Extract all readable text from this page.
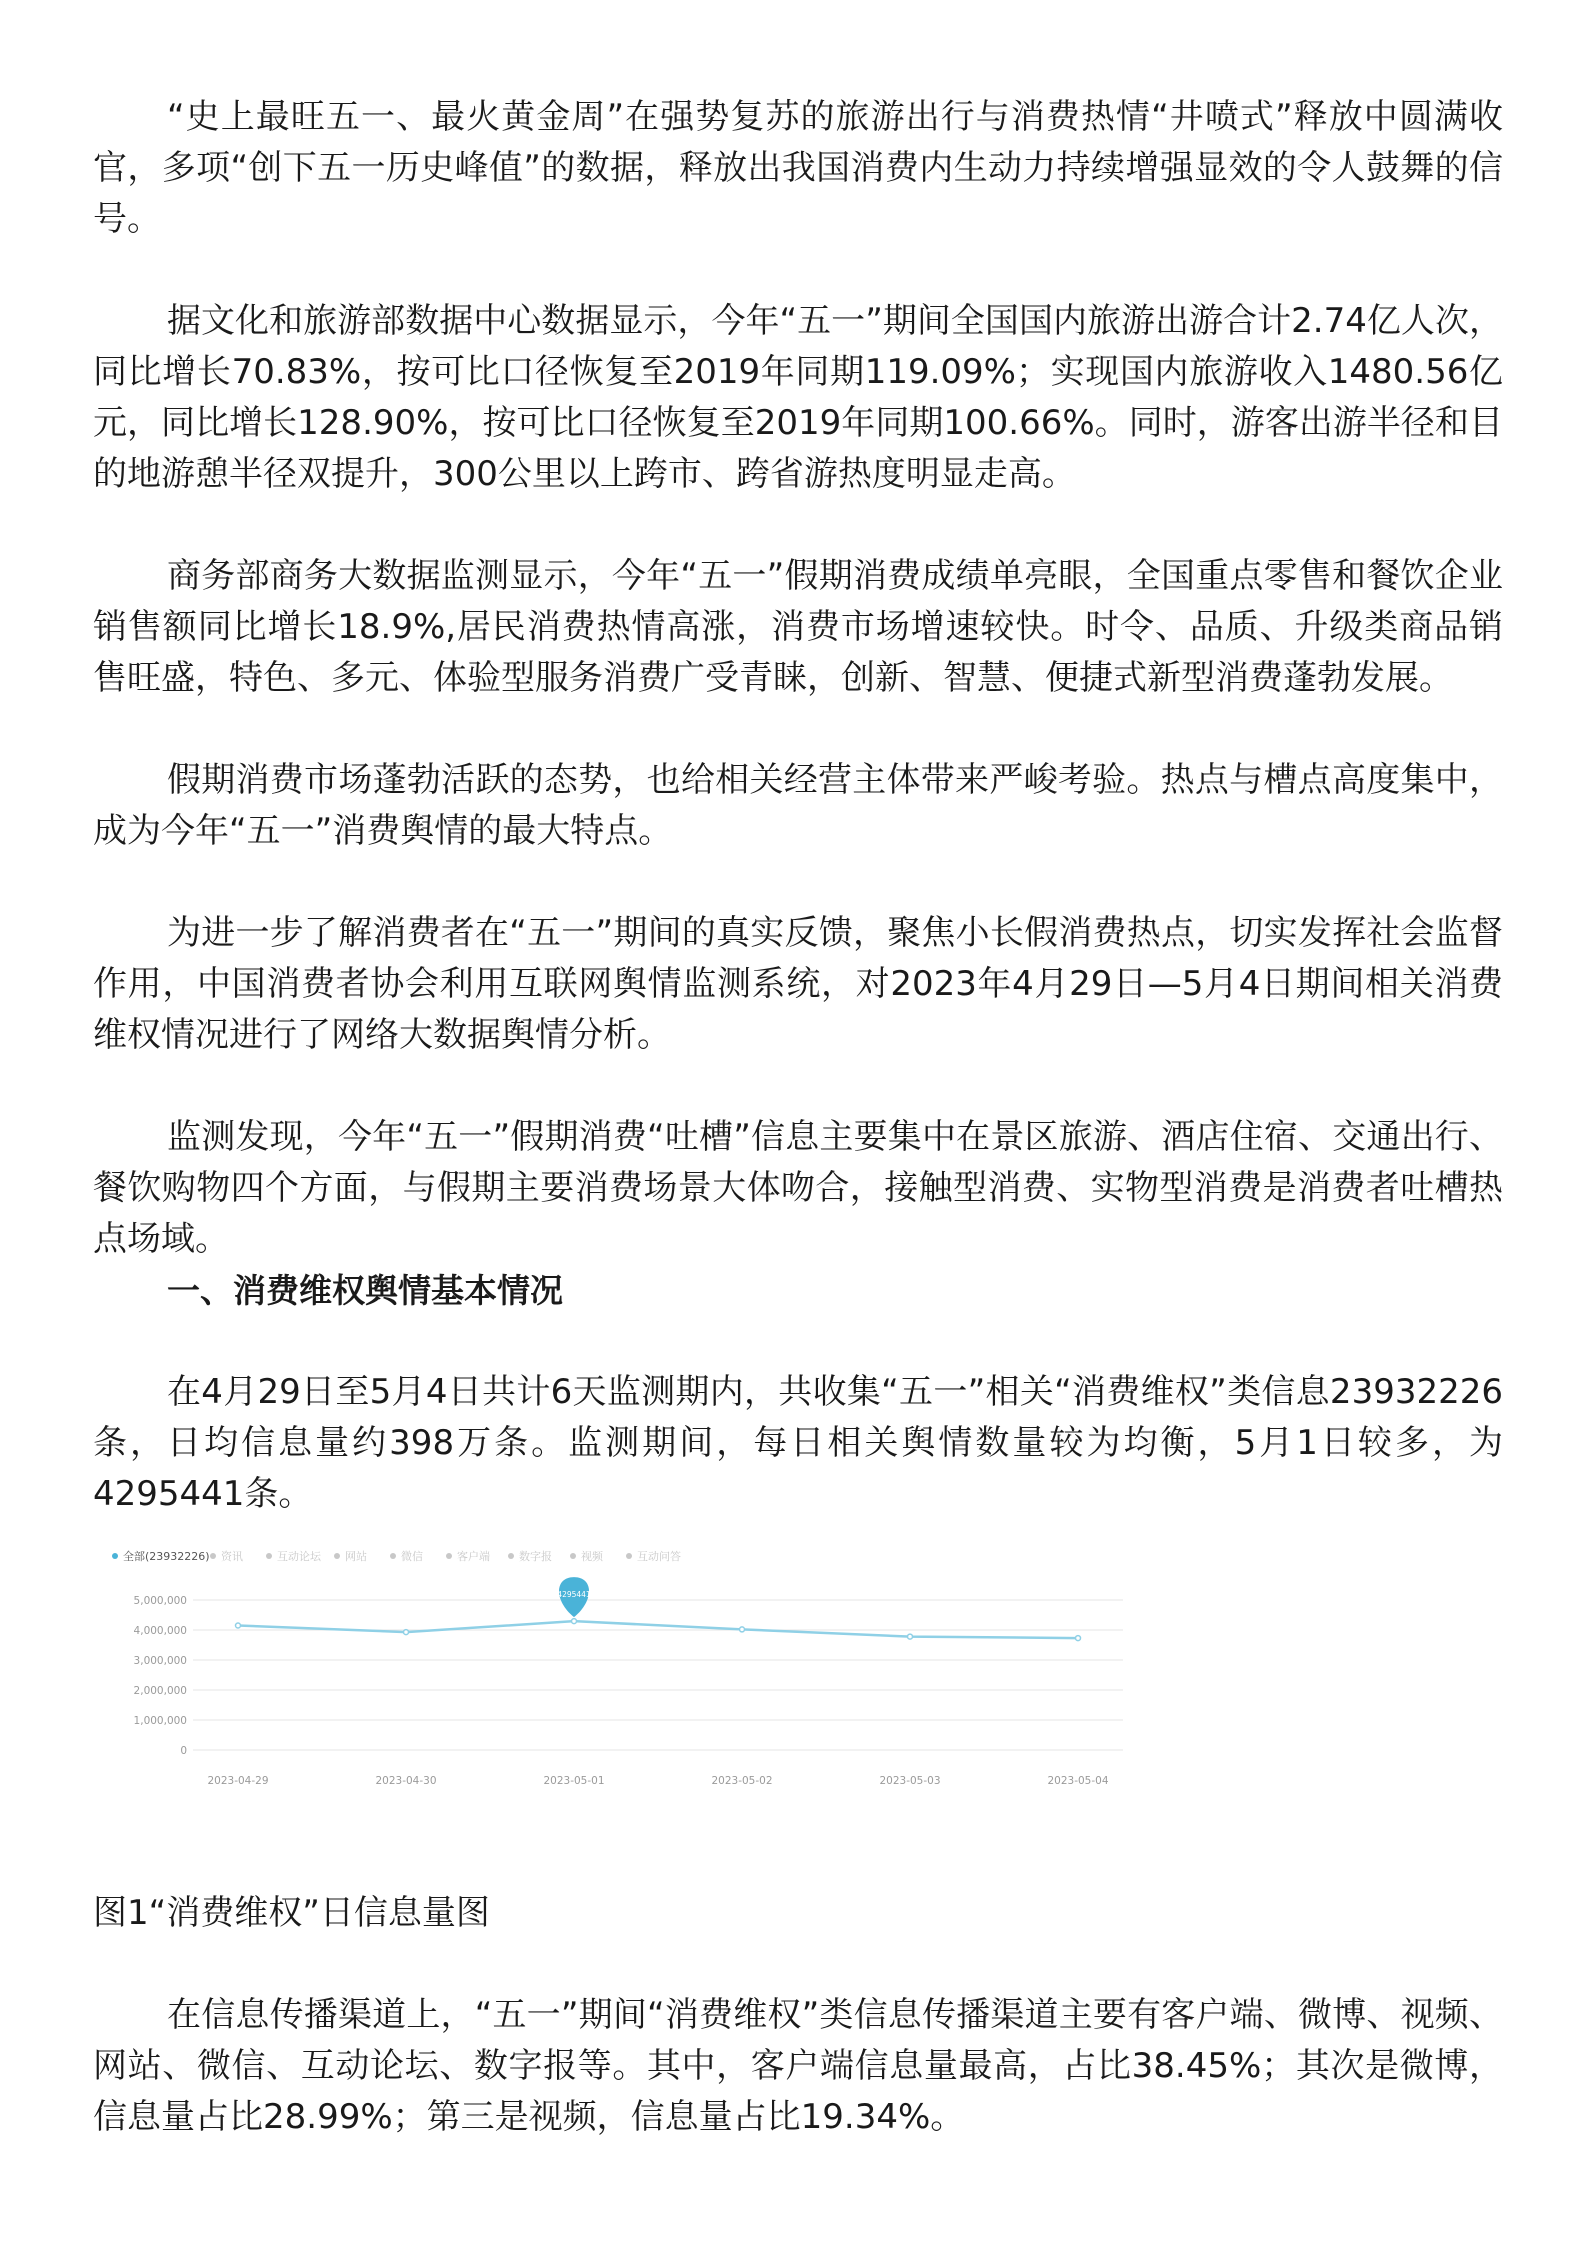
“史上最旺五一、最火黄金周”在强势复苏的旅游出行与消费热情“井喷式”释放中圆满收官，多项“创下五一历史峰值”的数据，释放出我国消费内生动力持续增强显效的令人鼓舞的信号。

据文化和旅游部数据中心数据显示，今年“五一”期间全国国内旅游出游合计2.74亿人次，同比增长70.83%，按可比口径恢复至2019年同期119.09%；实现国内旅游收入1480.56亿元，同比增长128.90%，按可比口径恢复至2019年同期100.66%。同时，游客出游半径和目的地游憩半径双提升，300公里以上跨市、跨省游热度明显走高。

商务部商务大数据监测显示，今年“五一”假期消费成绩单亮眼，全国重点零售和餐饮企业销售额同比增长18.9%,居民消费热情高涨，消费市场增速较快。时令、品质、升级类商品销售旺盛，特色、多元、体验型服务消费广受青睐，创新、智慧、便捷式新型消费蓬勃发展。

假期消费市场蓬勃活跃的态势，也给相关经营主体带来严峻考验。热点与槽点高度集中，成为今年“五一”消费舆情的最大特点。

为进一步了解消费者在“五一”期间的真实反馈，聚焦小长假消费热点，切实发挥社会监督作用，中国消费者协会利用互联网舆情监测系统，对2023年4月29日—5月4日期间相关消费维权情况进行了网络大数据舆情分析。

监测发现，今年“五一”假期消费“吐槽”信息主要集中在景区旅游、酒店住宿、交通出行、餐饮购物四个方面，与假期主要消费场景大体吻合，接触型消费、实物型消费是消费者吐槽热点场域。

一、消费维权舆情基本情况

在4月29日至5月4日共计6天监测期内，共收集“五一”相关“消费维权”类信息23932226条，日均信息量约398万条。监测期间，每日相关舆情数量较为均衡，5月1日较多，为4295441条。

全部(23932226) 资讯	互动论坛 网站	微信	客户端	数字报	视频	互动问答
5,000,000
4,000,000
3,000,000
2,000,000
1,000,000
0
2023-04-29	2023-04-30	2023-05-01	2023-05-02	2023-05-03	2023-05-04
4295441
图1“消费维权”日信息量图

在信息传播渠道上，“五一”期间“消费维权”类信息传播渠道主要有客户端、微博、视频、网站、微信、互动论坛、数字报等。其中，客户端信息量最高，占比38.45%；其次是微博，信息量占比28.99%；第三是视频，信息量占比19.34%。
